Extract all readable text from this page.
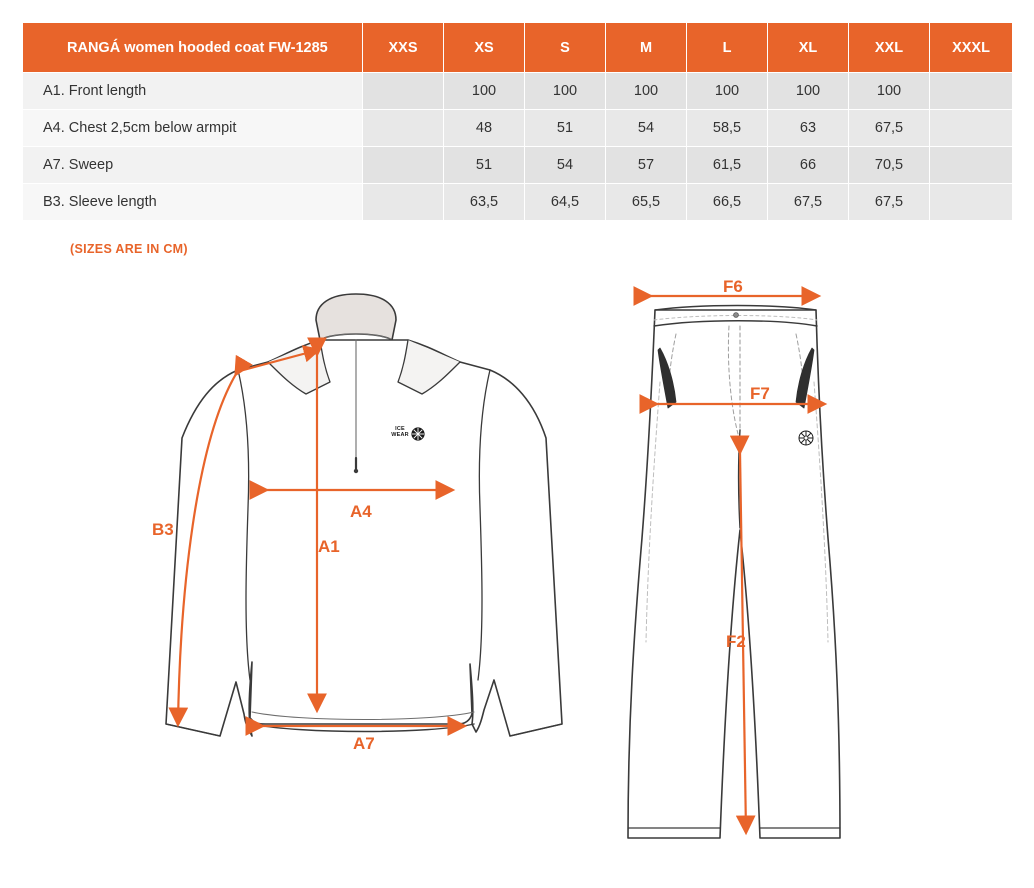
RANGÁ women hooded coat FW-1285	XXS	XS	S	M	L	XL	XXL	XXXL
A1. Front length		100	100	100	100	100	100	
A4. Chest 2,5cm below armpit		48	51	54	58,5	63	67,5	
A7. Sweep		51	54	57	61,5	66	70,5	
B3. Sleeve length		63,5	64,5	65,5	66,5	67,5	67,5	
(SIZES ARE IN CM)
B3
A4
A1
A7
F6
F7
F2
ICE
WEAR
